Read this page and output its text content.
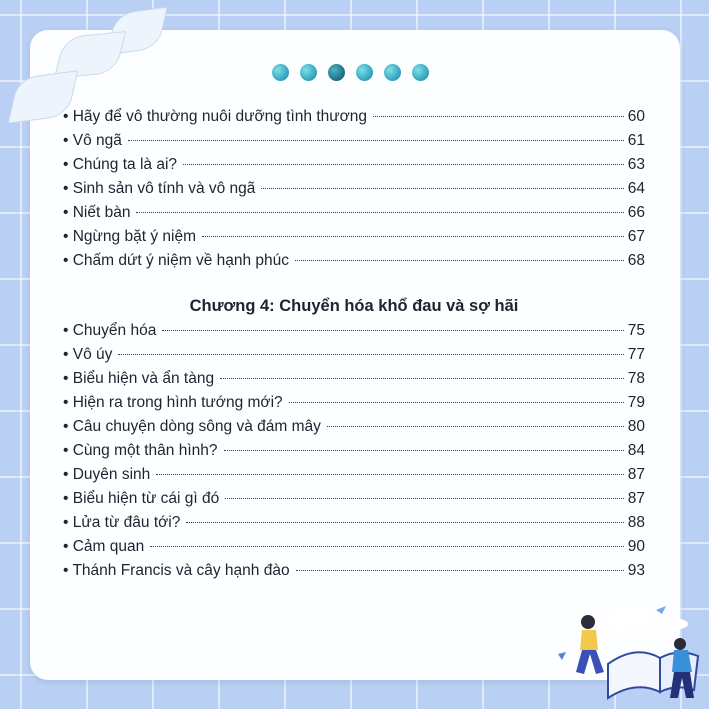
• Hãy để vô thường nuôi dưỡng tình thương	60
• Vô ngã	61
• Chúng ta là ai?	63
• Sinh sản vô tính và vô ngã	64
• Niết bàn	66
• Ngừng bặt ý niệm	67
• Chấm dứt ý niệm về hạnh phúc	68
Chương 4: Chuyển hóa khổ đau và sợ hãi
• Chuyển hóa	75
• Vô úy	77
• Biểu hiện và ẩn tàng	78
• Hiện ra trong hình tướng mới?	79
• Câu chuyện dòng sông và đám mây	80
• Cùng một thân hình?	84
• Duyên sinh	87
• Biểu hiện từ cái gì đó	87
• Lửa từ đâu tới?	88
• Cảm quan	90
• Thánh Francis và cây hạnh đào	93
